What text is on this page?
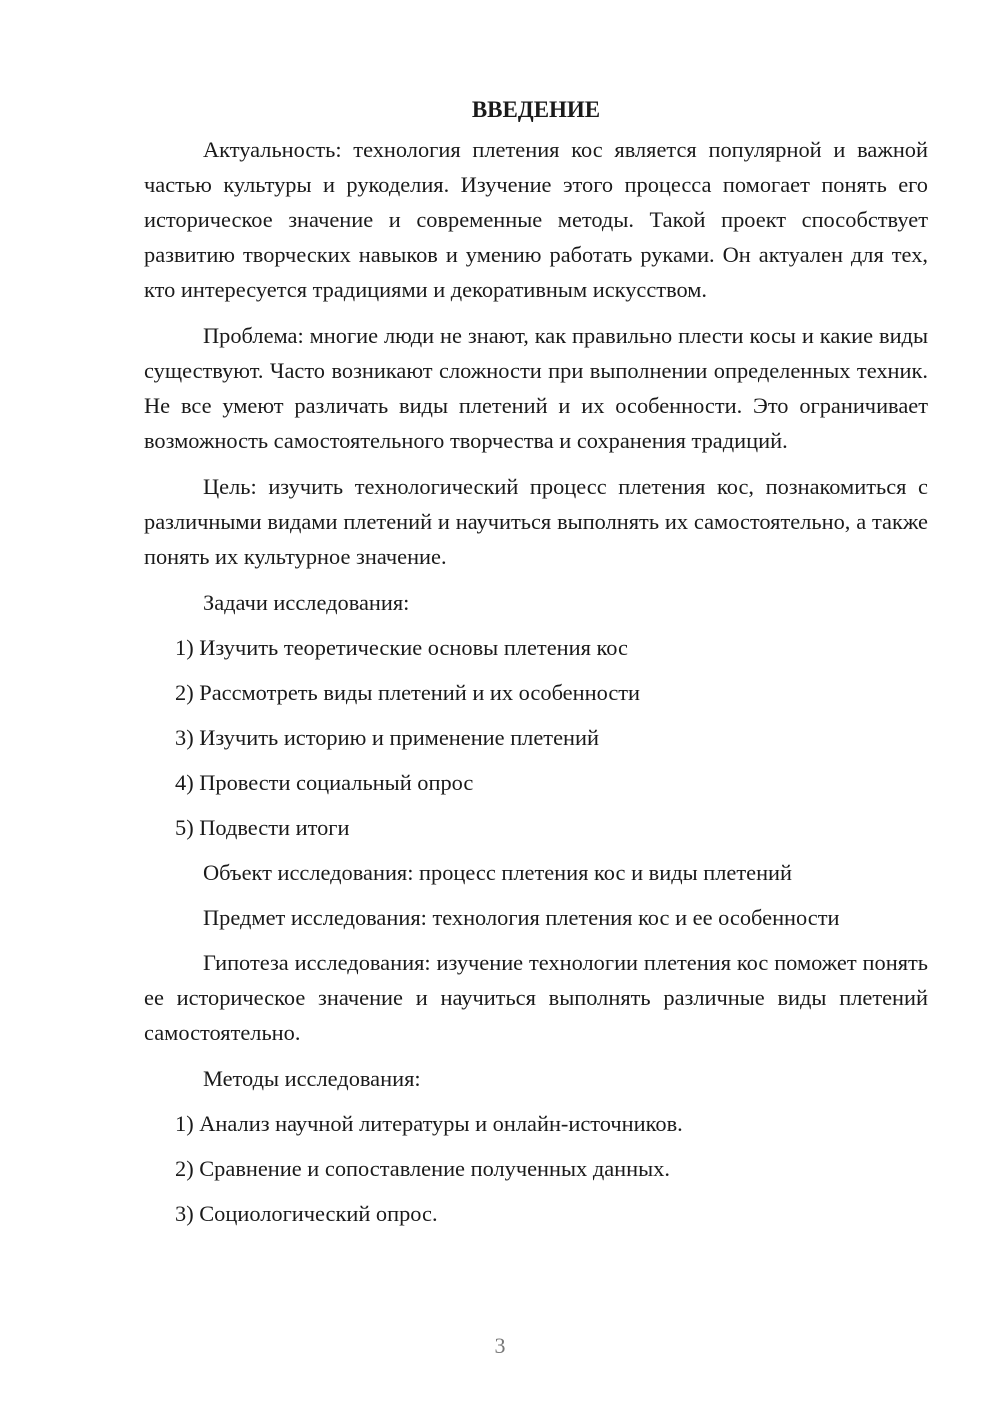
ВВЕДЕНИЕ

Актуальность: технология плетения кос является популярной и важной частью культуры и рукоделия. Изучение этого процесса помогает понять его историческое значение и современные методы. Такой проект способствует развитию творческих навыков и умению работать руками. Он актуален для тех, кто интересуется традициями и декоративным искусством.

Проблема: многие люди не знают, как правильно плести косы и какие виды существуют. Часто возникают сложности при выполнении определенных техник. Не все умеют различать виды плетений и их особенности. Это ограничивает возможность самостоятельного творчества и сохранения традиций.

Цель: изучить технологический процесс плетения кос, познакомиться с различными видами плетений и научиться выполнять их самостоятельно, а также понять их культурное значение.

Задачи исследования:
1) Изучить теоретические основы плетения кос
2) Рассмотреть виды плетений и их особенности
3) Изучить историю и применение плетений
4) Провести социальный опрос
5) Подвести итоги
Объект исследования: процесс плетения кос и виды плетений
Предмет исследования: технология плетения кос и ее особенности

Гипотеза исследования: изучение технологии плетения кос поможет понять ее историческое значение и научиться выполнять различные виды плетений самостоятельно.

Методы исследования:
1) Анализ научной литературы и онлайн-источников.
2) Сравнение и сопоставление полученных данных.
3) Социологический опрос.
3
